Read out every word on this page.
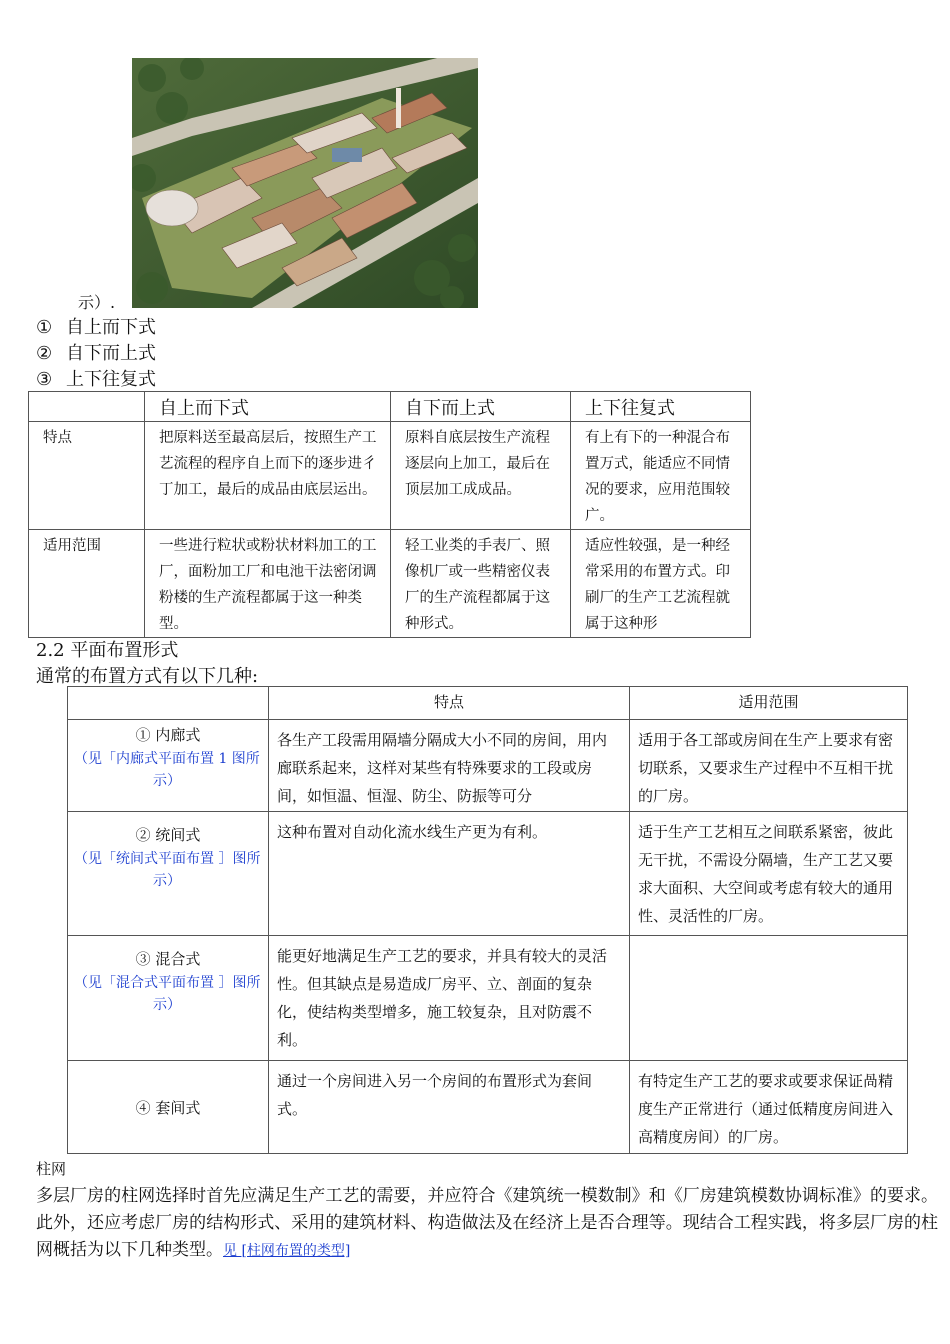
示）.
① 自上而下式
② 自下而上式
③ 上下往复式
	自上而下式	自下而上式	上下往复式
特点	把原料送至最高层后，按照生产工艺流程的程序自上而下的逐步进彳丁加工，最后的成品由底层运出。	原料自底层按生产流程逐层向上加工，最后在顶层加工成成品。	有上有下的一种混合布置万式，能适应不同情况的要求，应用范围较广。
适用范围	一些进行粒状或粉状材料加工的工厂，面粉加工厂和电池干法密闭调粉楼的生产流程都属于这一种类型。	轻工业类的手表厂、照像机厂或一些精密仪表厂的生产流程都属于这种形式。	适应性较强，是一种经常采用的布置方式。印刷厂的生产工艺流程就属于这种形
2.2 平面布置形式
通常的布置方式有以下几种:
	特点	适用范围

① 内廊式
（见「内廊式平面布置 1 图所
示）	各生产工段需用隔墙分隔成大小不同的房间，用内廊联系起来，这样对某些有特殊要求的工段或房间，如恒温、恒湿、防尘、防振等可分	适用于各工部或房间在生产上要求有密切联系，又要求生产过程中不互相干扰的厂房。

② 统间式
（见「统间式平面布置 ］图所
示）	这种布置对自动化流水线生产更为有利。	适于生产工艺相互之间联系紧密，彼此无干扰，不需设分隔墙，生产工艺又要求大面积、大空间或考虑有较大的通用性、灵活性的厂房。

③ 混合式
（见「混合式平面布置 ］图所
示）	能更好地满足生产工艺的要求，并具有较大的灵活性。但其缺点是易造成厂房平、立、剖面的复杂化，使结构类型增多，施工较复杂，且对防震不利。	

④ 套间式	通过一个房间进入另一个房间的布置形式为套间式。	有特定生产工艺的要求或要求保证咼精度生产正常进行（通过低精度房间进入高精度房间）的厂房。
柱网
多层厂房的柱网选择时首先应满足生产工艺的需要，并应符合《建筑统一模数制》和《厂房建筑模数协调标准》的要求。此外，还应考虑厂房的结构形式、采用的建筑材料、构造做法及在经济上是否合理等。现结合工程实践，将多层厂房的柱网概括为以下几种类型。见 [柱网布置的类型]
